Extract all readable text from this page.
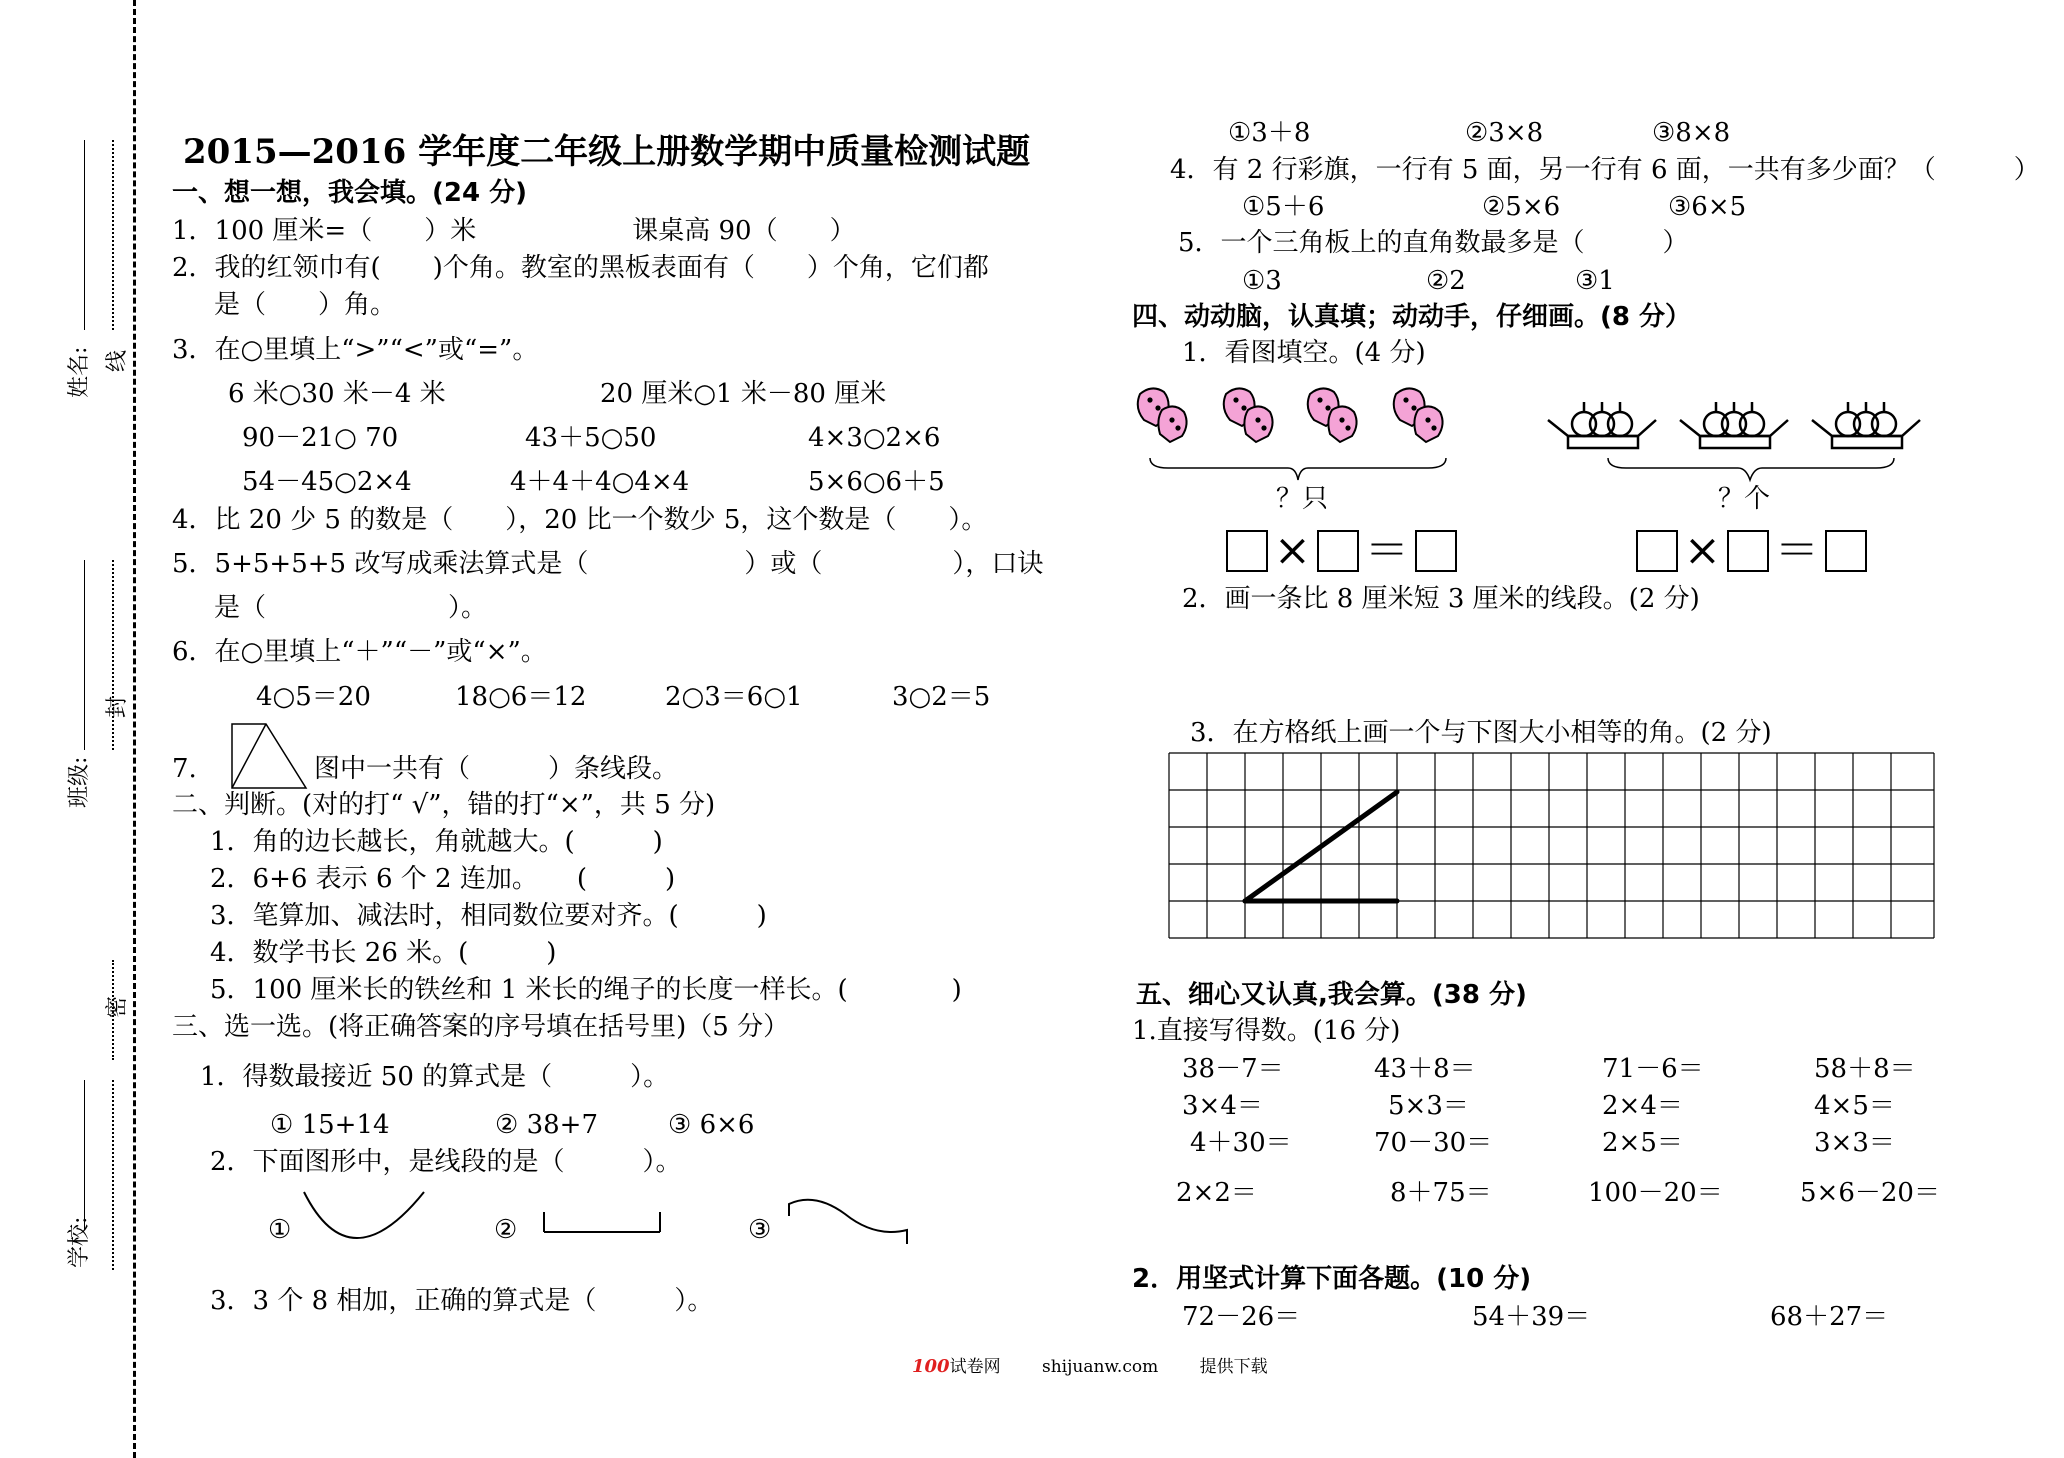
姓名: 线
班级:
封
密
学校:
2015—2016 学年度二年级上册数学期中质量检测试题
一、想一想，我会填。(24 分)
1．100 厘米=（　　）米　　　　　　课桌高 90（　　）
2．我的红领巾有(　　)个角。教室的黑板表面有（　　）个角，它们都
是（　　）角。
3．在○里填上“>”“<”或“=”。
6 米○30 米－4 米	20 厘米○1 米－80 厘米
90－21○ 70	43＋5○50	4×3○2×6
54－45○2×4	4＋4＋4○4×4	5×6○6＋5
4．比 20 少 5 的数是（　　），20 比一个数少 5，这个数是（　　）。
5．5+5+5+5 改写成乘法算式是（　　　　　　）或（　　　　　），口诀
是（　　　　　　　）。
6．在○里填上“＋”“－”或“×”。
4○5＝20	18○6＝12	2○3＝6○1	3○2＝5
7.	图中一共有（　　　）条线段。
二、判断。(对的打“ √”，错的打“×”，共 5 分)
1．角的边长越长，角就越大。(　　　)
2．6+6 表示 6 个 2 连加。　　(　　　)
3．笔算加、减法时，相同数位要对齐。(　　　)
4．数学书长 26 米。(　　　)
5．100 厘米长的铁丝和 1 米长的绳子的长度一样长。(　　　　)
三、选一选。(将正确答案的序号填在括号里)（5 分）
1．得数最接近 50 的算式是（　　　）。
① 15+14	② 38+7	③ 6×6
2．下面图形中，是线段的是（　　　）。
①	②	③
3．3 个 8 相加，正确的算式是（　　　）。
①3＋8	②3×8	③8×8
4．有 2 行彩旗，一行有 5 面，另一行有 6 面，一共有多少面？（　　　）
①5＋6	②5×6	③6×5
5．一个三角板上的直角数最多是（　　　）
①3	②2	③1
四、动动脑，认真填；动动手，仔细画。(8 分）
1．看图填空。(4 分)
？只	？个
× ＝	× ＝
2．画一条比 8 厘米短 3 厘米的线段。(2 分)
3．在方格纸上画一个与下图大小相等的角。(2 分)
五、细心又认真,我会算。(38 分)
1.直接写得数。(16 分)
38－7＝	43＋8＝	71－6＝	58＋8＝
3×4＝	5×3＝	2×4＝	4×5＝
4＋30＝	70－30＝	2×5＝	3×3＝
2×2＝	8＋75＝	100－20＝	5×6－20＝
2．用坚式计算下面各题。(10 分)
72－26＝	54＋39＝	68＋27＝
100试卷网 shijuanw.com 提供下载
